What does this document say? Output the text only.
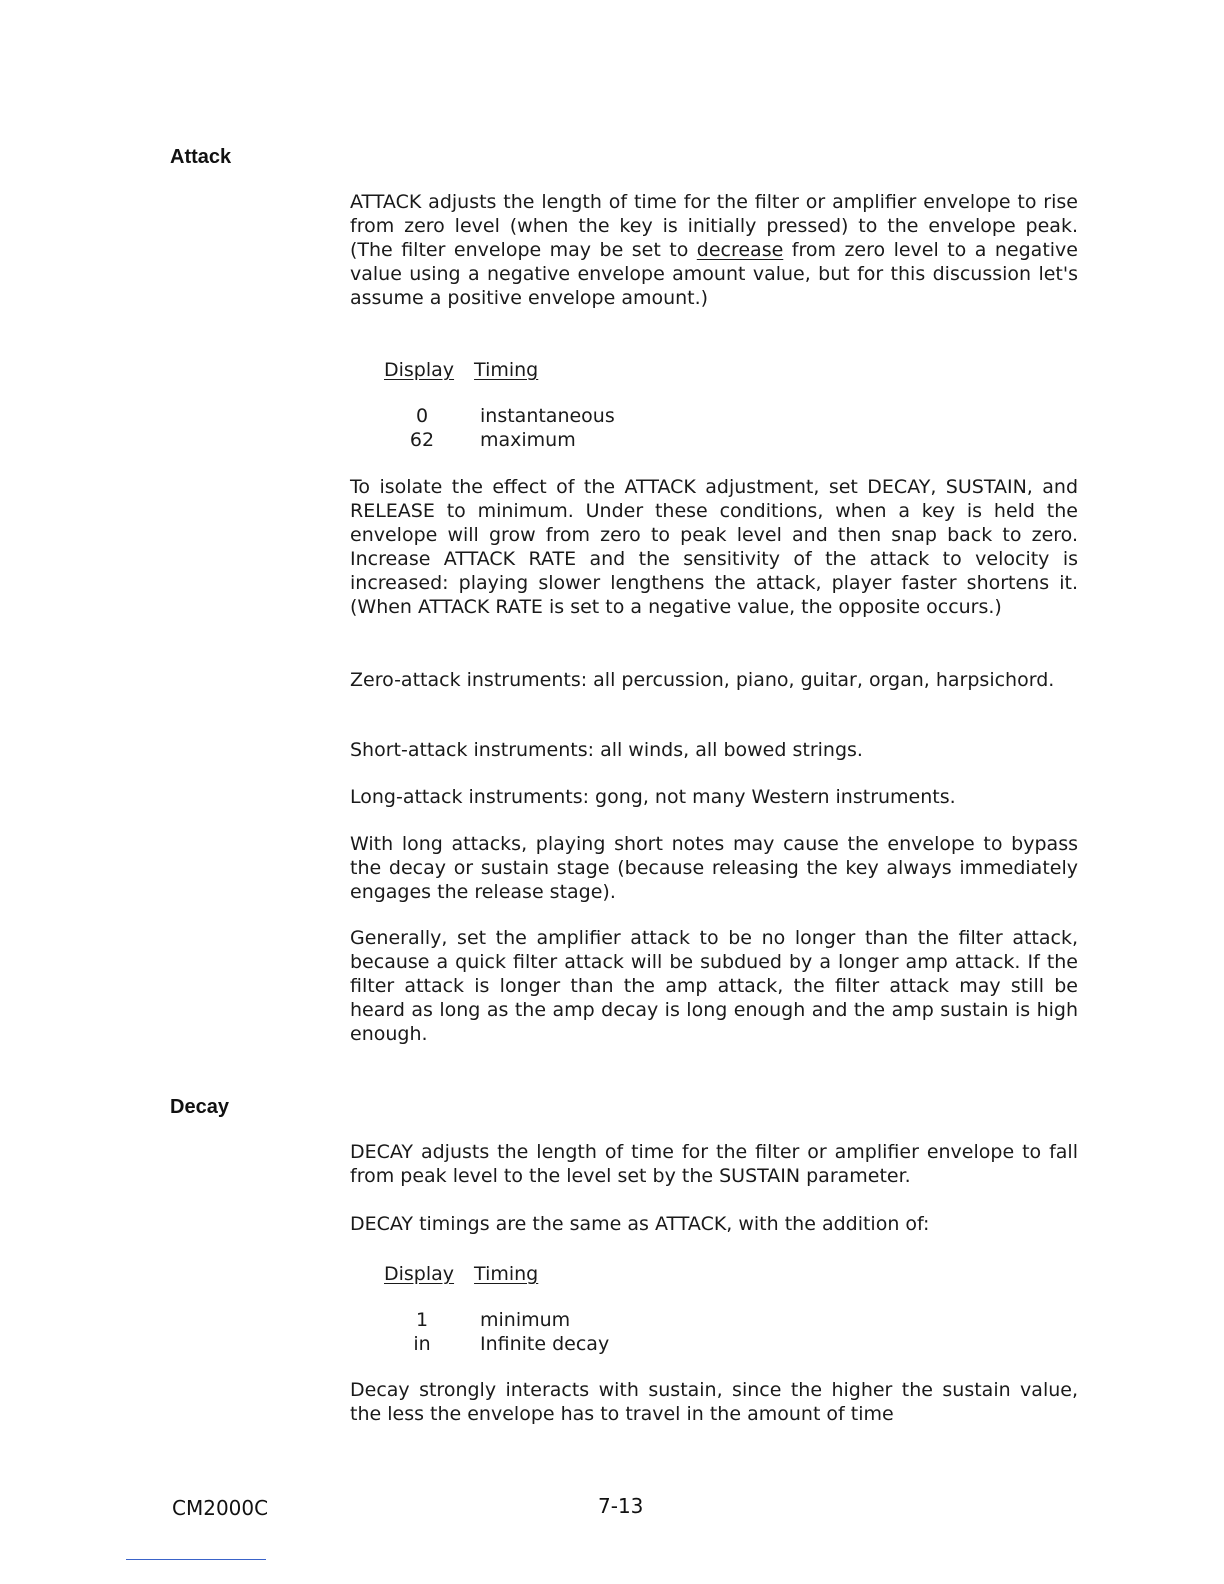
Attack

ATTACK adjusts the length of time for the filter or amplifier envelope to rise from zero level (when the key is initially pressed) to the envelope peak. (The filter envelope may be set to decrease from zero level to a negative value using a negative envelope amount value, but for this discussion let's assume a positive envelope amount.)

Display Timing
0	instantaneous
62	maximum

To isolate the effect of the ATTACK adjustment, set DECAY, SUSTAIN, and RELEASE to minimum. Under these conditions, when a key is held the envelope will grow from zero to peak level and then snap back to zero. Increase ATTACK RATE and the sensitivity of the attack to velocity is increased: playing slower lengthens the attack, player faster shortens it. (When ATTACK RATE is set to a negative value, the opposite occurs.)

Zero-attack instruments: all percussion, piano, guitar, organ, harpsichord.

Short-attack instruments: all winds, all bowed strings.

Long-attack instruments: gong, not many Western instruments.

With long attacks, playing short notes may cause the envelope to bypass the decay or sustain stage (because releasing the key always immediately engages the release stage).

Generally, set the amplifier attack to be no longer than the filter attack, because a quick filter attack will be subdued by a longer amp attack. If the filter attack is longer than the amp attack, the filter attack may still be heard as long as the amp decay is long enough and the amp sustain is high enough.

Decay

DECAY adjusts the length of time for the filter or amplifier envelope to fall from peak level to the level set by the SUSTAIN parameter.

DECAY timings are the same as ATTACK, with the addition of:

Display Timing
1	minimum
in	Infinite decay

Decay strongly interacts with sustain, since the higher the sustain value, the less the envelope has to travel in the amount of time

CM2000C	7-13
